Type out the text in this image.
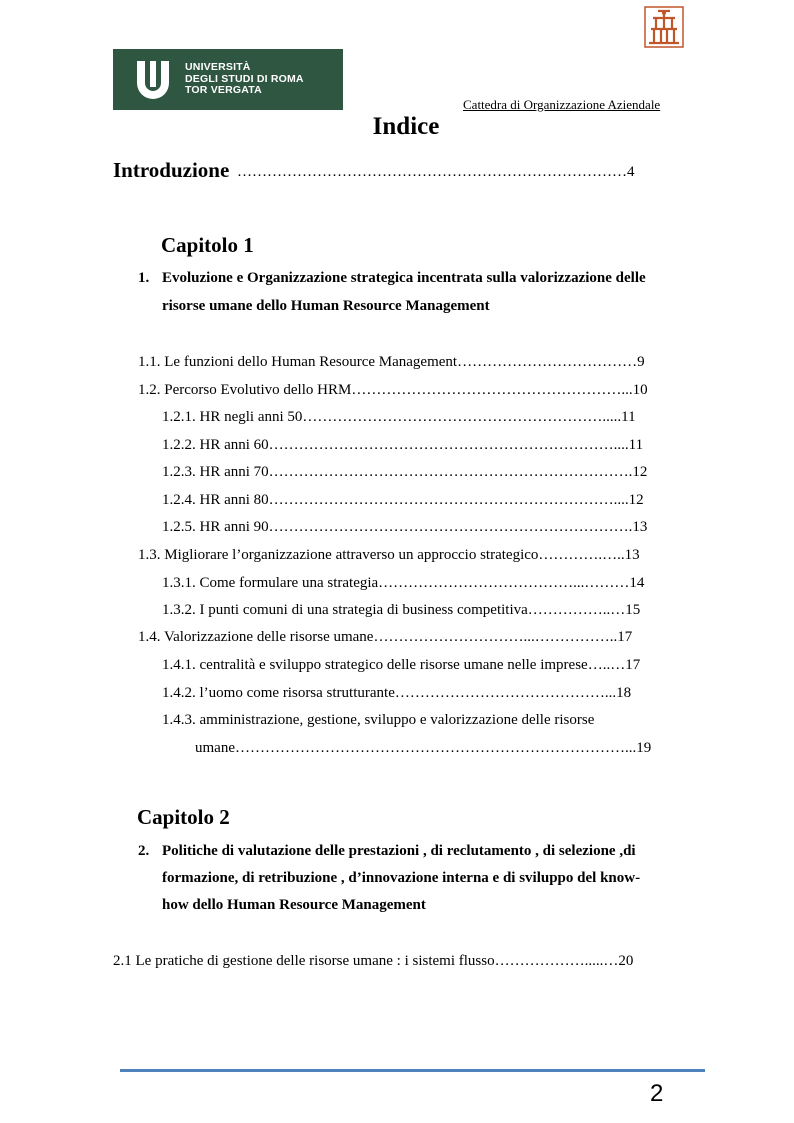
UNIVERSITÀ
DEGLI STUDI DI ROMA
TOR VERGATA
Cattedra di Organizzazione Aziendale
Indice
Introduzione ……………………………………………………………………4
Capitolo 1
1. Evoluzione e Organizzazione strategica incentrata sulla valorizzazione delle
risorse umane dello Human Resource Management
1.1. Le funzioni dello Human Resource Management………………………………9
1.2. Percorso Evolutivo dello HRM………………………………………………...10
1.2.1. HR negli anni 50…………………………………………………….....11
1.2.2. HR anni 60……………………………………………………………....11
1.2.3. HR anni 70……………………………………………………………….12
1.2.4. HR anni 80……………………………………………………………....12
1.2.5. HR anni 90……………………………………………………………….13
1.3. Migliorare l’organizzazione attraverso un approccio strategico………….…..13
1.3.1. Come formulare una strategia…………………………………...………14
1.3.2. I punti comuni di una strategia di business competitiva……………..…15
1.4. Valorizzazione delle risorse umane…………………………...……………..17
1.4.1. centralità e sviluppo strategico delle risorse umane nelle imprese…..…17
1.4.2. l’uomo come risorsa strutturante……………………………………...18
1.4.3. amministrazione, gestione, sviluppo e valorizzazione delle risorse
umane……………………………………………………………………...19
Capitolo 2
2. Politiche di valutazione delle prestazioni , di reclutamento , di selezione ,di
formazione, di retribuzione , d’innovazione interna e di sviluppo del know-
how dello Human Resource Management
2.1 Le pratiche di gestione delle risorse umane : i sistemi flusso……………….....…20
2
